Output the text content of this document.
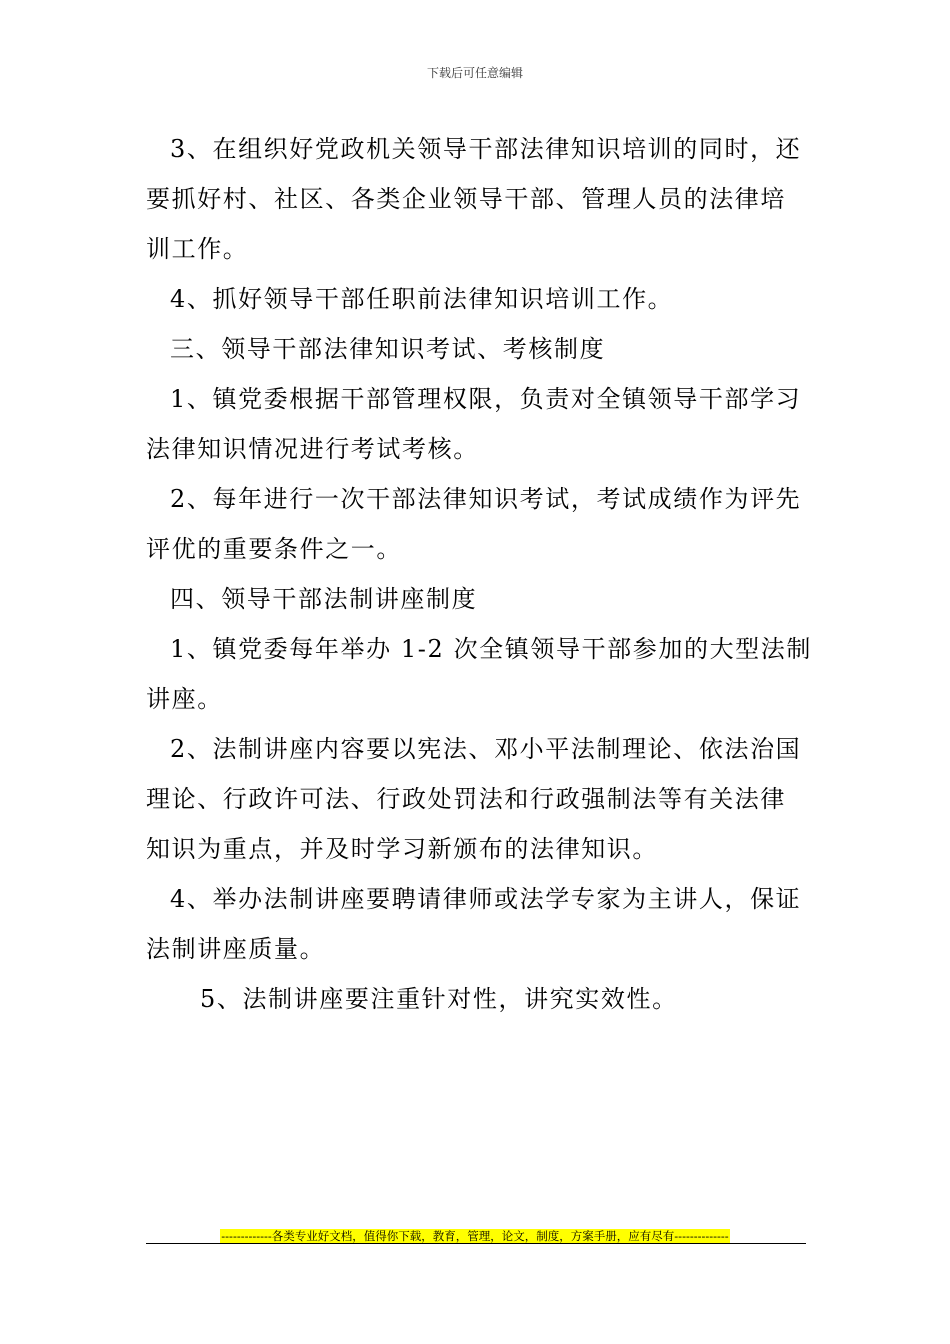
下载后可任意编辑
3、在组织好党政机关领导干部法律知识培训的同时，还
要抓好村、社区、各类企业领导干部、管理人员的法律培
训工作。
4、抓好领导干部任职前法律知识培训工作。
三、领导干部法律知识考试、考核制度
1、镇党委根据干部管理权限，负责对全镇领导干部学习
法律知识情况进行考试考核。
2、每年进行一次干部法律知识考试，考试成绩作为评先
评优的重要条件之一。
四、领导干部法制讲座制度
1、镇党委每年举办 1-2 次全镇领导干部参加的大型法制
讲座。
2、法制讲座内容要以宪法、邓小平法制理论、依法治国
理论、行政许可法、行政处罚法和行政强制法等有关法律
知识为重点，并及时学习新颁布的法律知识。
4、举办法制讲座要聘请律师或法学专家为主讲人，保证
法制讲座质量。
5、法制讲座要注重针对性，讲究实效性。
-------------各类专业好文档，值得你下载，教育，管理，论文，制度，方案手册，应有尽有--------------
